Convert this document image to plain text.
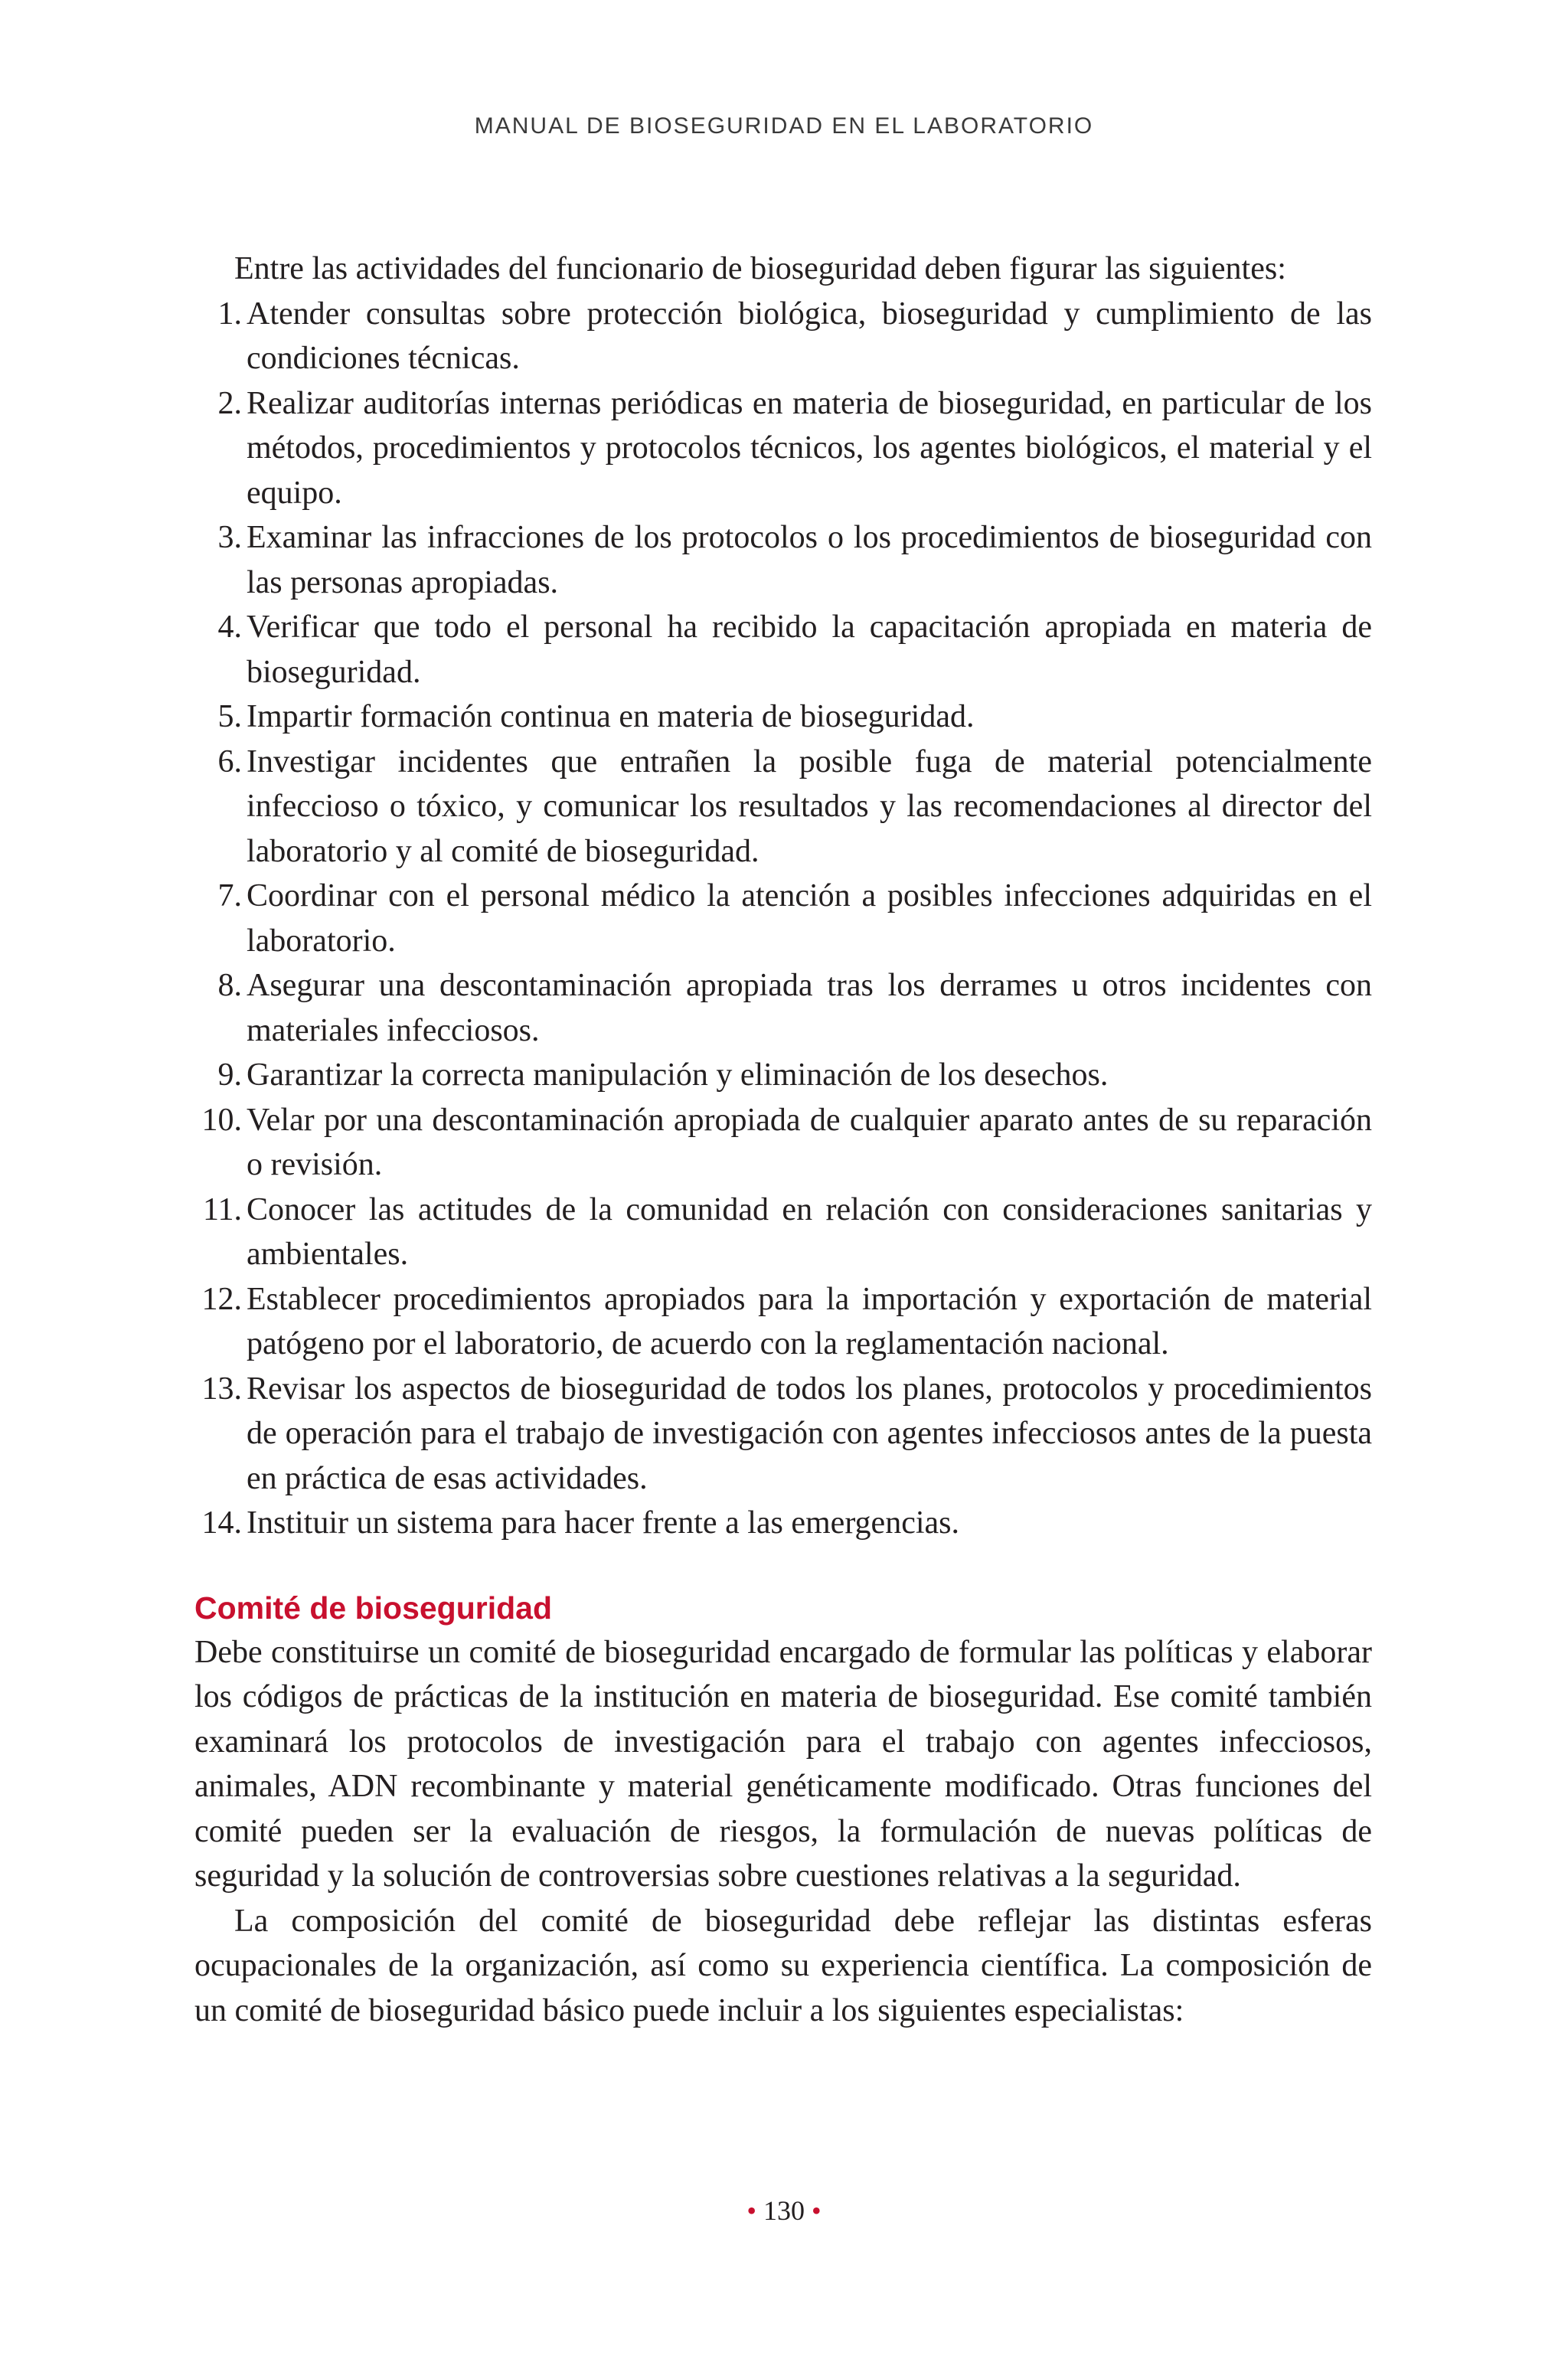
MANUAL DE BIOSEGURIDAD EN EL LABORATORIO

Entre las actividades del funcionario de bioseguridad deben figurar las siguientes:

1. Atender consultas sobre protección biológica, bioseguridad y cumplimiento de las condiciones técnicas.
2. Realizar auditorías internas periódicas en materia de bioseguridad, en particular de los métodos, procedimientos y protocolos técnicos, los agentes biológicos, el material y el equipo.
3. Examinar las infracciones de los protocolos o los procedimientos de bioseguridad con las personas apropiadas.
4. Verificar que todo el personal ha recibido la capacitación apropiada en materia de bioseguridad.
5. Impartir formación continua en materia de bioseguridad.
6. Investigar incidentes que entrañen la posible fuga de material potencialmente infeccioso o tóxico, y comunicar los resultados y las recomendaciones al director del laboratorio y al comité de bioseguridad.
7. Coordinar con el personal médico la atención a posibles infecciones adquiridas en el laboratorio.
8. Asegurar una descontaminación apropiada tras los derrames u otros incidentes con materiales infecciosos.
9. Garantizar la correcta manipulación y eliminación de los desechos.
10. Velar por una descontaminación apropiada de cualquier aparato antes de su reparación o revisión.
11. Conocer las actitudes de la comunidad en relación con consideraciones sanitarias y ambientales.
12. Establecer procedimientos apropiados para la importación y exportación de material patógeno por el laboratorio, de acuerdo con la reglamentación nacional.
13. Revisar los aspectos de bioseguridad de todos los planes, protocolos y procedimientos de operación para el trabajo de investigación con agentes infecciosos antes de la puesta en práctica de esas actividades.
14. Instituir un sistema para hacer frente a las emergencias.
Comité de bioseguridad

Debe constituirse un comité de bioseguridad encargado de formular las políticas y elaborar los códigos de prácticas de la institución en materia de bioseguridad. Ese comité también examinará los protocolos de investigación para el trabajo con agentes infecciosos, animales, ADN recombinante y material genéticamente modificado. Otras funciones del comité pueden ser la evaluación de riesgos, la formulación de nuevas políticas de seguridad y la solución de controversias sobre cuestiones relativas a la seguridad.

La composición del comité de bioseguridad debe reflejar las distintas esferas ocupacionales de la organización, así como su experiencia científica. La composición de un comité de bioseguridad básico puede incluir a los siguientes especialistas:

• 130 •
